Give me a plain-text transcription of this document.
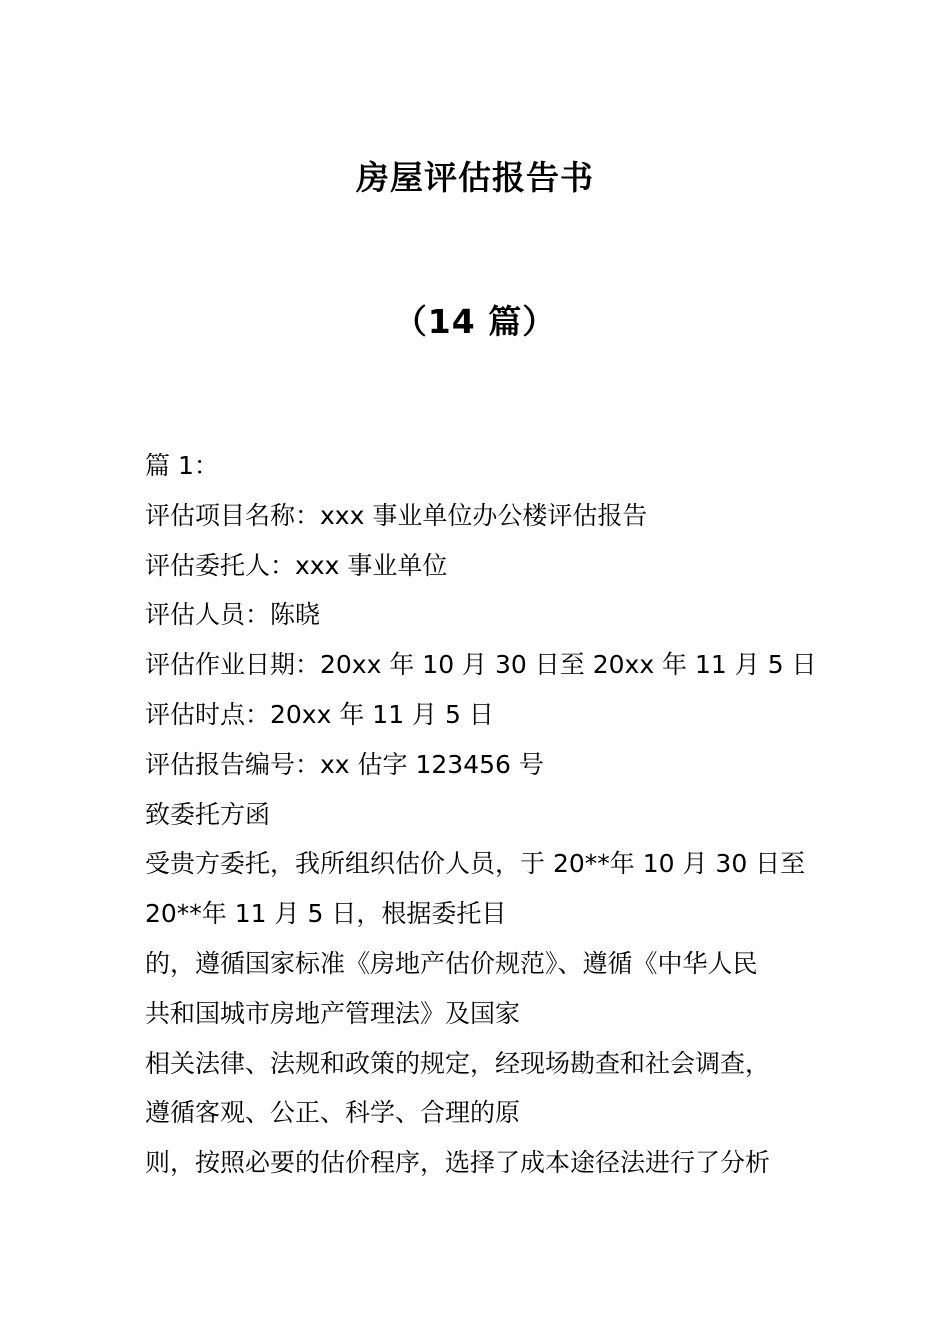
房屋评估报告书
（14 篇）
篇 1：
评估项目名称：xxx 事业单位办公楼评估报告
评估委托人：xxx 事业单位
评估人员：陈晓
评估作业日期：20xx 年 10 月 30 日至 20xx 年 11 月 5 日
评估时点：20xx 年 11 月 5 日
评估报告编号：xx 估字 123456 号
致委托方函
受贵方委托，我所组织估价人员，于 20**年 10 月 30 日至
20**年 11 月 5 日，根据委托目
的，遵循国家标准《房地产估价规范》、遵循《中华人民
共和国城市房地产管理法》及国家
相关法律、法规和政策的规定，经现场勘查和社会调查，
遵循客观、公正、科学、合理的原
则，按照必要的估价程序，选择了成本途径法进行了分析
